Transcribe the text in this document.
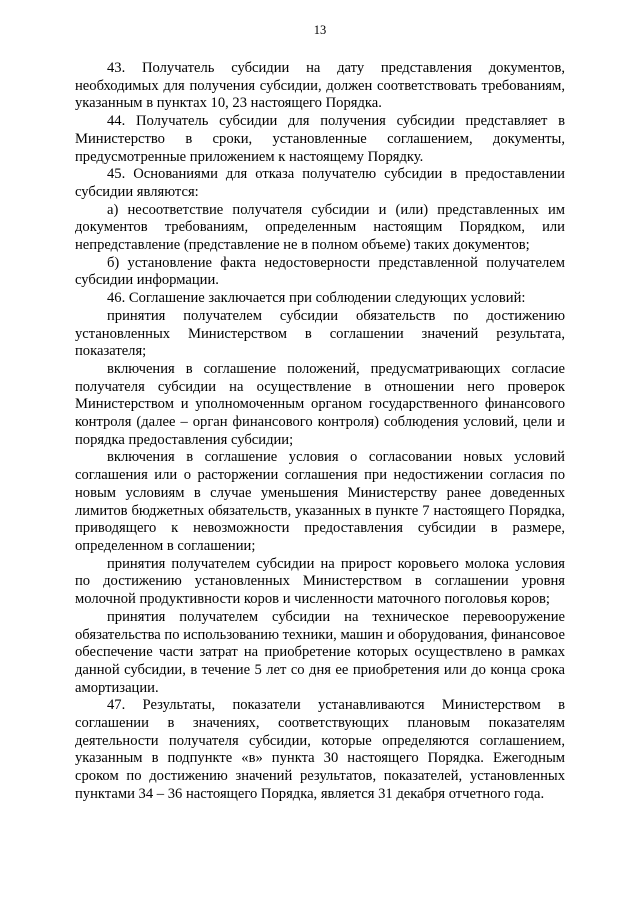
13

43. Получатель субсидии на дату представления документов, необходимых для получения субсидии, должен соответствовать требованиям, указанным в пунктах 10, 23 настоящего Порядка.

44. Получатель субсидии для получения субсидии представляет в Министерство в сроки, установленные соглашением, документы, предусмотренные приложением к настоящему Порядку.

45. Основаниями для отказа получателю субсидии в предоставлении субсидии являются:

а) несоответствие получателя субсидии и (или) представленных им документов требованиям, определенным настоящим Порядком, или непредставление (представление не в полном объеме) таких документов;

б) установление факта недостоверности представленной получателем субсидии информации.

46. Соглашение заключается при соблюдении следующих условий:

принятия получателем субсидии обязательств по достижению установленных Министерством в соглашении значений результата, показателя;

включения в соглашение положений, предусматривающих согласие получателя субсидии на осуществление в отношении него проверок Министерством и уполномоченным органом государственного финансового контроля (далее – орган финансового контроля) соблюдения условий, цели и порядка предоставления субсидии;

включения в соглашение условия о согласовании новых условий соглашения или о расторжении соглашения при недостижении согласия по новым условиям в случае уменьшения Министерству ранее доведенных лимитов бюджетных обязательств, указанных в пункте 7 настоящего Порядка, приводящего к невозможности предоставления субсидии в размере, определенном в соглашении;

принятия получателем субсидии на прирост коровьего молока условия по достижению установленных Министерством в соглашении уровня молочной продуктивности коров и численности маточного поголовья коров;

принятия получателем субсидии на техническое перевооружение обязательства по использованию техники, машин и оборудования, финансовое обеспечение части затрат на приобретение которых осуществлено в рамках данной субсидии, в течение 5 лет со дня ее приобретения или до конца срока амортизации.

47. Результаты, показатели устанавливаются Министерством в соглашении в значениях, соответствующих плановым показателям деятельности получателя субсидии, которые определяются соглашением, указанным в подпункте «в» пункта 30 настоящего Порядка. Ежегодным сроком по достижению значений результатов, показателей, установленных пунктами 34 – 36 настоящего Порядка, является 31 декабря отчетного года.
